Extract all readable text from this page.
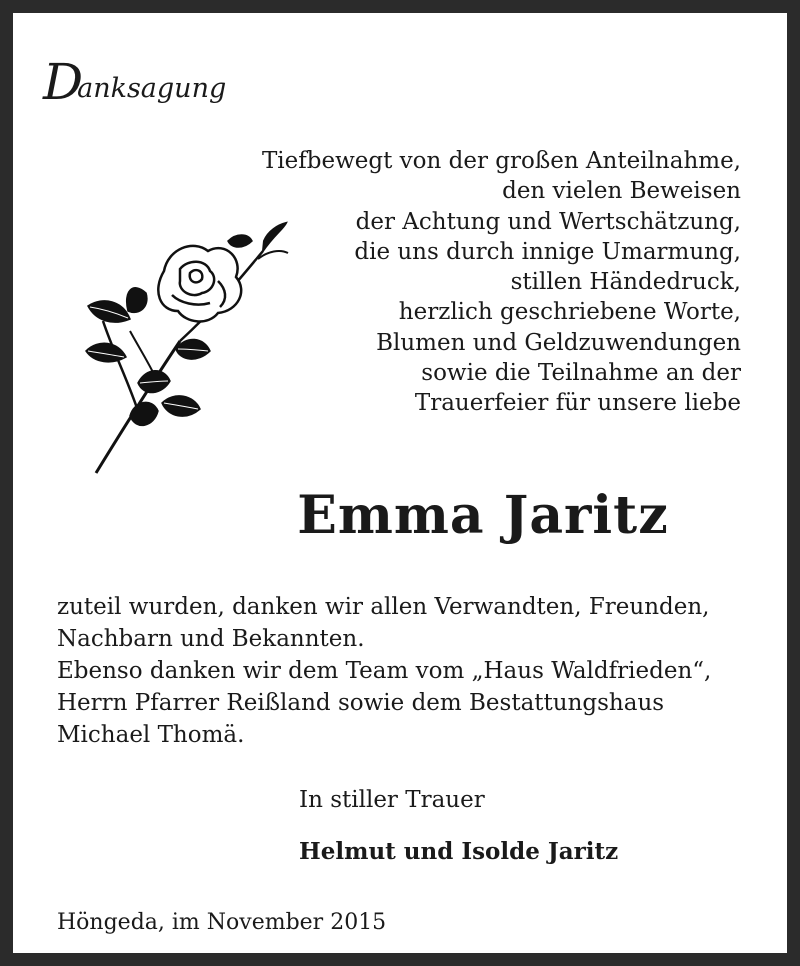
Danksagung
Tiefbewegt von der großen Anteilnahme,
den vielen Beweisen
der Achtung und Wertschätzung,
die uns durch innige Umarmung,
stillen Händedruck,
herzlich geschriebene Worte,
Blumen und Geldzuwendungen
sowie die Teilnahme an der
Trauerfeier für unsere liebe
Emma Jaritz
zuteil wurden, danken wir allen Verwandten, Freunden,
Nachbarn und Bekannten.
Ebenso danken wir dem Team vom „Haus Waldfrieden“,
Herrn Pfarrer Reißland sowie dem Bestattungshaus
Michael Thomä.
In stiller Trauer
Helmut und Isolde Jaritz
Höngeda, im November 2015
